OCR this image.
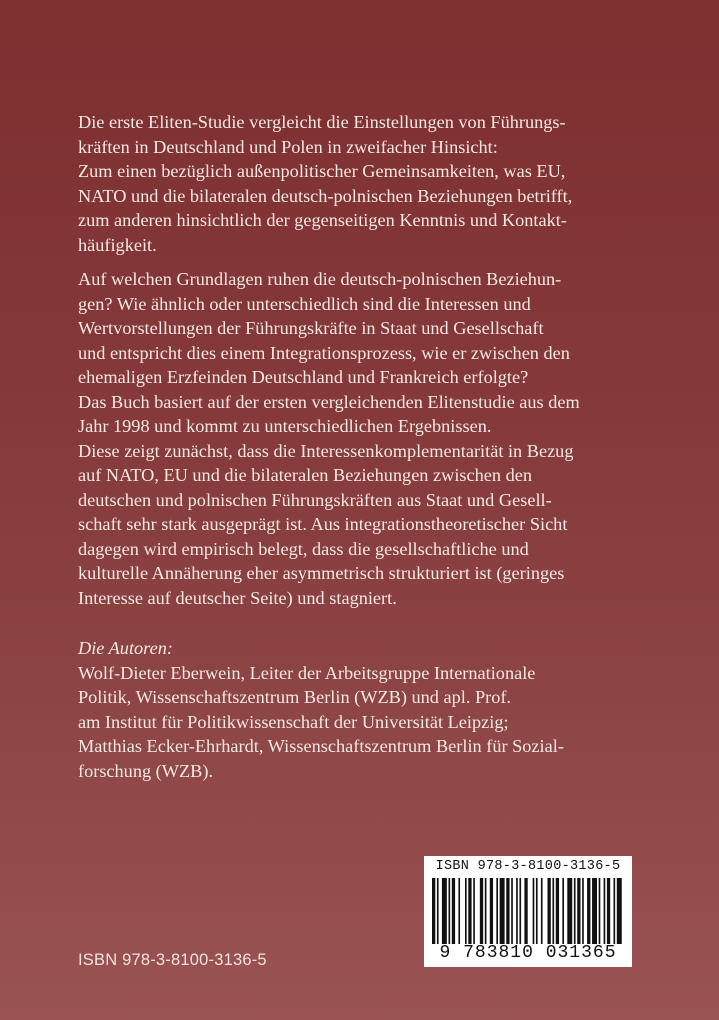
Die erste Eliten-Studie vergleicht die Einstellungen von Führungs-

kräften in Deutschland und Polen in zweifacher Hinsicht:

Zum einen bezüglich außenpolitischer Gemeinsamkeiten, was EU,

NATO und die bilateralen deutsch-polnischen Beziehungen betrifft,

zum anderen hinsichtlich der gegenseitigen Kenntnis und Kontakt-

häufigkeit.

Auf welchen Grundlagen ruhen die deutsch-polnischen Beziehun-

gen? Wie ähnlich oder unterschiedlich sind die Interessen und

Wertvorstellungen der Führungskräfte in Staat und Gesellschaft

und entspricht dies einem Integrationsprozess, wie er zwischen den

ehemaligen Erzfeinden Deutschland und Frankreich erfolgte?

Das Buch basiert auf der ersten vergleichenden Elitenstudie aus dem

Jahr 1998 und kommt zu unterschiedlichen Ergebnissen.

Diese zeigt zunächst, dass die Interessenkomplementarität in Bezug

auf NATO, EU und die bilateralen Beziehungen zwischen den

deutschen und polnischen Führungskräften aus Staat und Gesell-

schaft sehr stark ausgeprägt ist. Aus integrationstheoretischer Sicht

dagegen wird empirisch belegt, dass die gesellschaftliche und

kulturelle Annäherung eher asymmetrisch strukturiert ist (geringes

Interesse auf deutscher Seite) und stagniert.

Die Autoren:

Wolf-Dieter Eberwein, Leiter der Arbeitsgruppe Internationale

Politik, Wissenschaftszentrum Berlin (WZB) und apl. Prof.

am Institut für Politikwissenschaft der Universität Leipzig;

Matthias Ecker-Ehrhardt, Wissenschaftszentrum Berlin für Sozial-

forschung (WZB).

ISBN 978-3-8100-3136-5
9 783810 031365
ISBN 978-3-8100-3136-5
